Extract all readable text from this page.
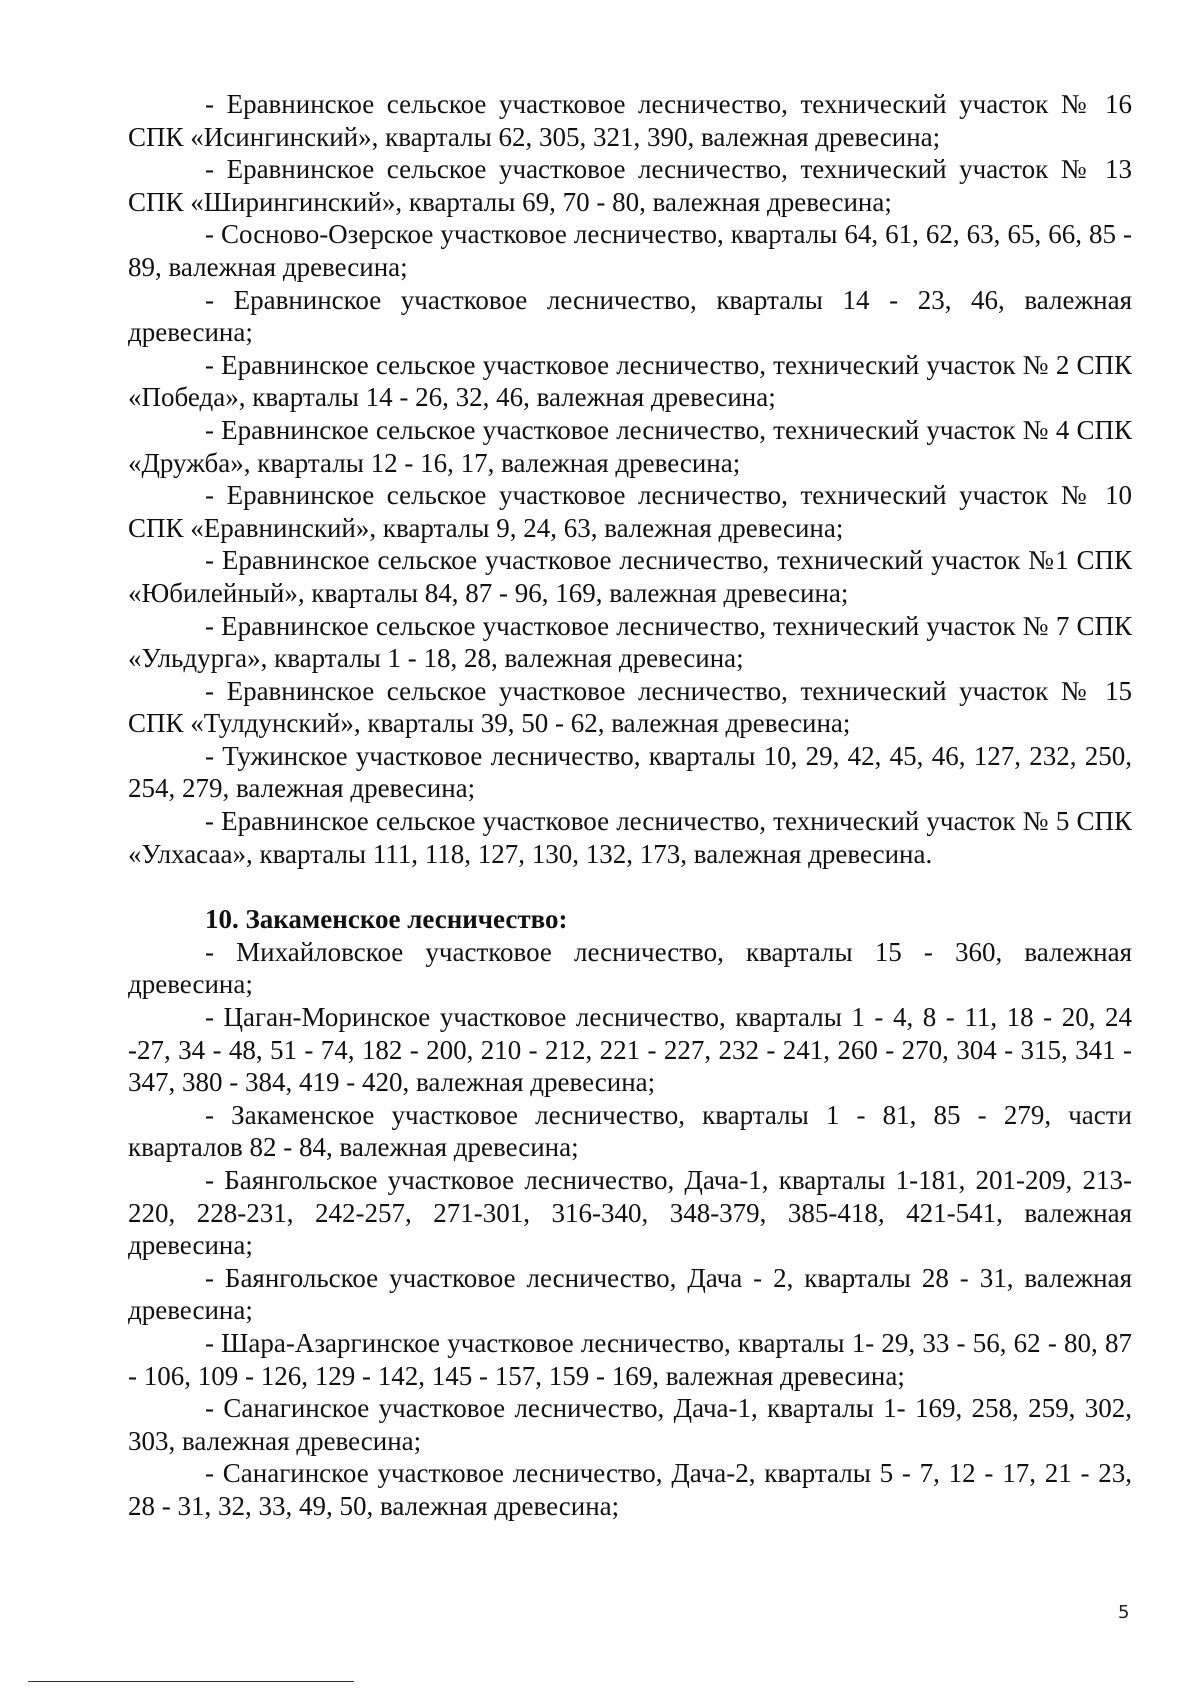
- Еравнинское сельское участковое лесничество, технический участок № 16 СПК «Исингинский», кварталы 62, 305, 321, 390, валежная древесина;

- Еравнинское сельское участковое лесничество, технический участок № 13 СПК «Ширингинский», кварталы 69, 70 - 80, валежная древесина;

- Сосново-Озерское участковое лесничество, кварталы 64, 61, 62, 63, 65, 66, 85 - 89, валежная древесина;

- Еравнинское участковое лесничество, кварталы 14 - 23, 46, валежная древесина;

- Еравнинское сельское участковое лесничество, технический участок № 2 СПК «Победа», кварталы 14 - 26, 32, 46, валежная древесина;

- Еравнинское сельское участковое лесничество, технический участок № 4 СПК «Дружба», кварталы 12 - 16, 17, валежная древесина;

- Еравнинское сельское участковое лесничество, технический участок № 10 СПК «Еравнинский», кварталы 9, 24, 63, валежная древесина;

- Еравнинское сельское участковое лесничество, технический участок №1 СПК «Юбилейный», кварталы 84, 87 - 96, 169, валежная древесина;

- Еравнинское сельское участковое лесничество, технический участок № 7 СПК «Ульдурга», кварталы 1 - 18, 28, валежная древесина;

- Еравнинское сельское участковое лесничество, технический участок № 15 СПК «Тулдунский», кварталы 39, 50 - 62, валежная древесина;

- Тужинское участковое лесничество, кварталы 10, 29, 42, 45, 46, 127, 232, 250, 254, 279, валежная древесина;

- Еравнинское сельское участковое лесничество, технический участок № 5 СПК «Улхасаа», кварталы 111, 118, 127, 130, 132, 173, валежная древесина.

10. Закаменское лесничество:

- Михайловское участковое лесничество, кварталы 15 - 360, валежная древесина;

- Цаган-Моринское участковое лесничество, кварталы 1 - 4, 8 - 11, 18 - 20, 24 -27, 34 - 48, 51 - 74, 182 - 200, 210 - 212, 221 - 227, 232 - 241, 260 - 270, 304 - 315, 341 - 347, 380 - 384, 419 - 420, валежная древесина;

- Закаменское участковое лесничество, кварталы 1 - 81, 85 - 279, части кварталов 82 - 84, валежная древесина;

- Баянгольское участковое лесничество, Дача-1, кварталы 1-181, 201-209, 213-220, 228-231, 242-257, 271-301, 316-340, 348-379, 385-418, 421-541, валежная древесина;

- Баянгольское участковое лесничество, Дача - 2, кварталы 28 - 31, валежная древесина;

- Шара-Азаргинское участковое лесничество, кварталы 1- 29, 33 - 56, 62 - 80, 87 - 106, 109 - 126, 129 - 142, 145 - 157, 159 - 169, валежная древесина;

- Санагинское участковое лесничество, Дача-1, кварталы 1- 169, 258, 259, 302, 303, валежная древесина;

- Санагинское участковое лесничество, Дача-2, кварталы 5 - 7, 12 - 17, 21 - 23, 28 - 31, 32, 33, 49, 50, валежная древесина;

5
